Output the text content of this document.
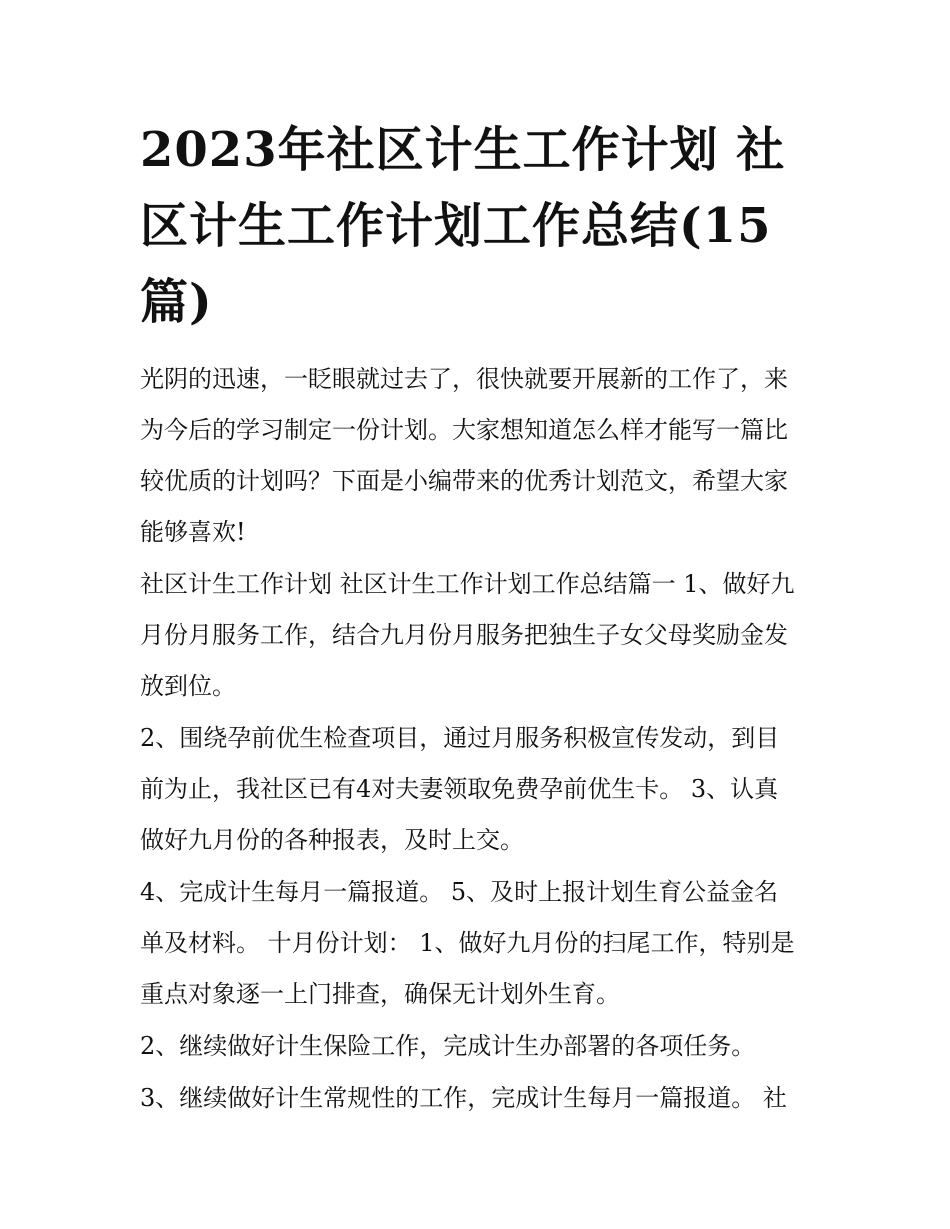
2023年社区计生工作计划 社
区计生工作计划工作总结(15
篇)

光阴的迅速，一眨眼就过去了，很快就要开展新的工作了，来
为今后的学习制定一份计划。大家想知道怎么样才能写一篇比
较优质的计划吗？下面是小编带来的优秀计划范文，希望大家
能够喜欢!

社区计生工作计划 社区计生工作计划工作总结篇一 1、做好九
月份月服务工作，结合九月份月服务把独生子女父母奖励金发
放到位。

2、围绕孕前优生检查项目，通过月服务积极宣传发动，到目
前为止，我社区已有4对夫妻领取免费孕前优生卡。 3、认真
做好九月份的各种报表，及时上交。

4、完成计生每月一篇报道。 5、及时上报计划生育公益金名
单及材料。 十月份计划： 1、做好九月份的扫尾工作，特别是
重点对象逐一上门排查，确保无计划外生育。

2、继续做好计生保险工作，完成计生办部署的各项任务。

3、继续做好计生常规性的工作，完成计生每月一篇报道。 社
